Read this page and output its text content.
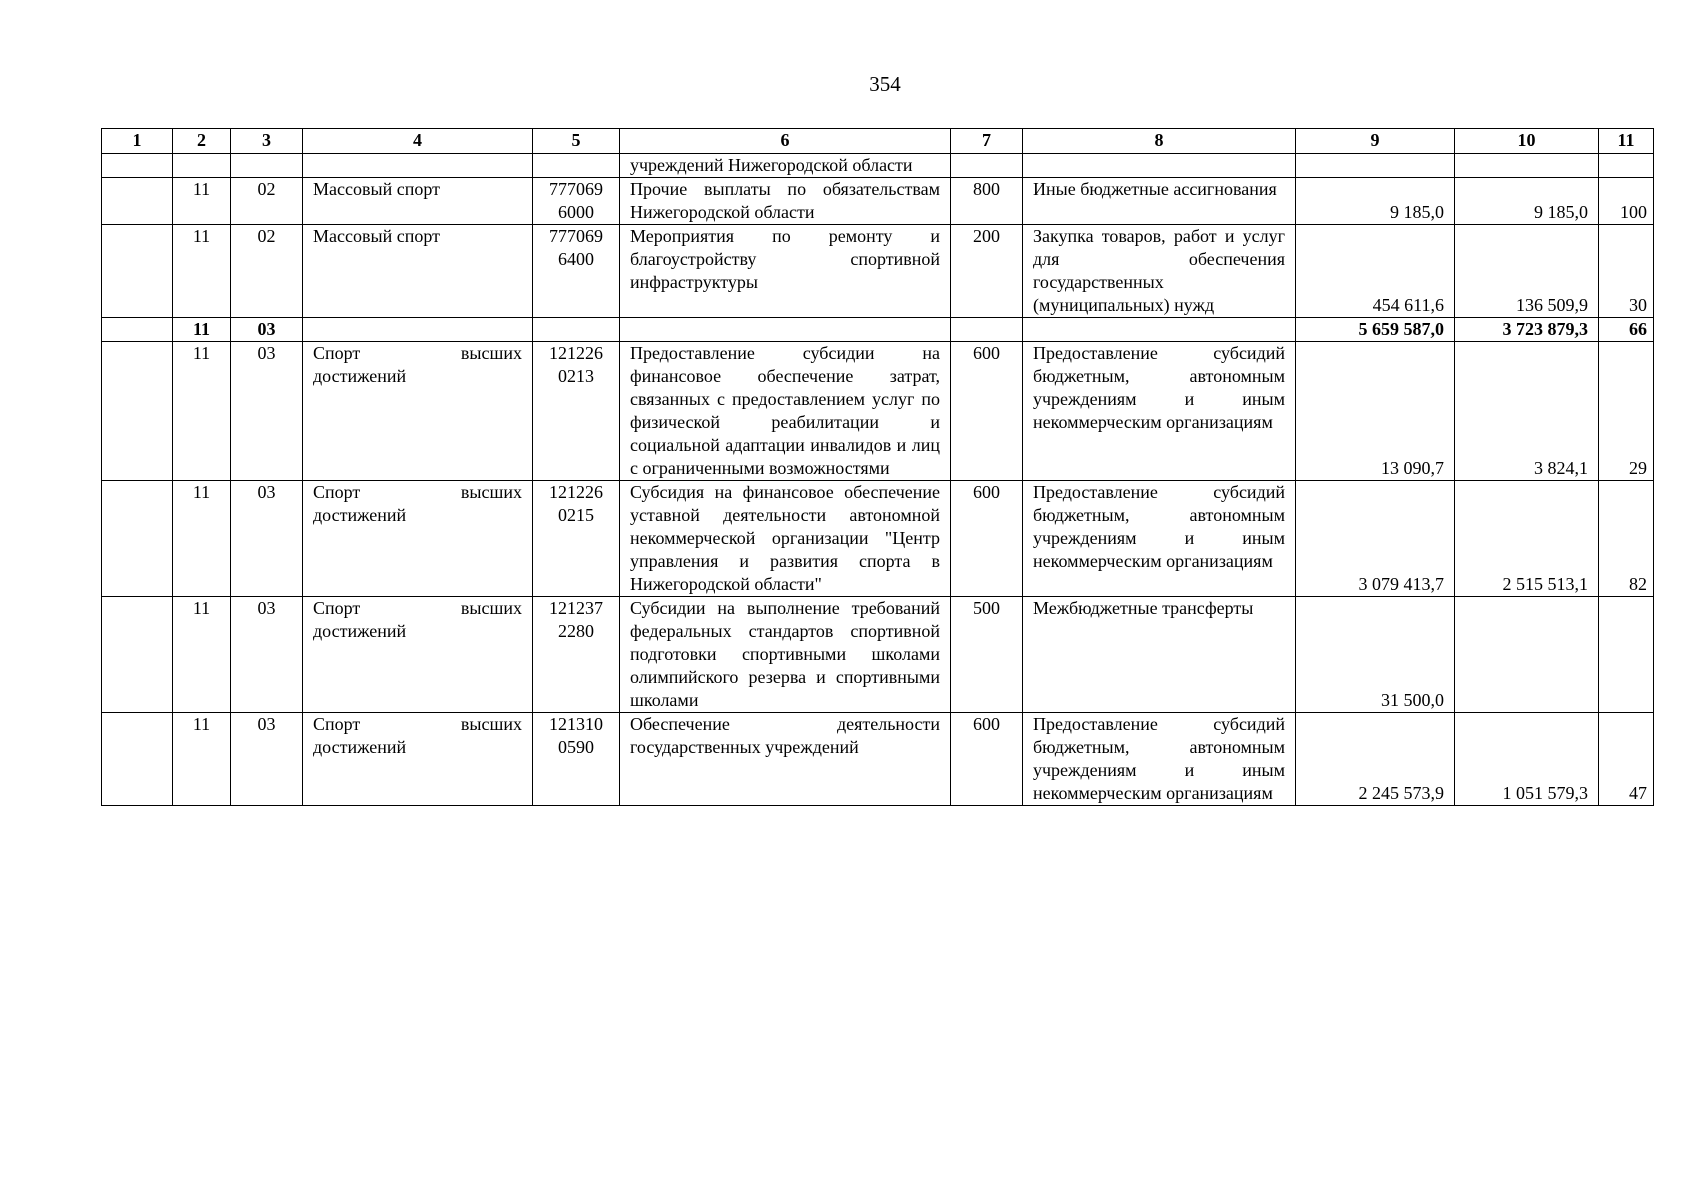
354
1	2	3	4	5	6	7	8	9	10	11
					учреждений Нижегородской области					
	11	02	Массовый спорт	777069 6000	Прочие выплаты по обязательствам Нижегородской области	800	Иные бюджетные ассигнования	9 185,0	9 185,0	100
	11	02	Массовый спорт	777069 6400	Мероприятия по ремонту и благоустройству спортивной инфраструктуры	200	Закупка товаров, работ и услуг для обеспечения государственных (муниципальных) нужд	454 611,6	136 509,9	30
	11	03						5 659 587,0	3 723 879,3	66
	11	03	Спорт высших достижений	121226 0213	Предоставление субсидии на финансовое обеспечение затрат, связанных с предоставлением услуг по физической реабилитации и социальной адаптации инвалидов и лиц с ограниченными возможностями	600	Предоставление субсидий бюджетным, автономным учреждениям и иным некоммерческим организациям	13 090,7	3 824,1	29
	11	03	Спорт высших достижений	121226 0215	Субсидия на финансовое обеспечение уставной деятельности автономной некоммерческой организации "Центр управления и развития спорта в Нижегородской области"	600	Предоставление субсидий бюджетным, автономным учреждениям и иным некоммерческим организациям	3 079 413,7	2 515 513,1	82
	11	03	Спорт высших достижений	121237 2280	Субсидии на выполнение требований федеральных стандартов спортивной подготовки спортивными школами олимпийского резерва и спортивными школами	500	Межбюджетные трансферты	31 500,0		
	11	03	Спорт высших достижений	121310 0590	Обеспечение деятельности государственных учреждений	600	Предоставление субсидий бюджетным, автономным учреждениям и иным некоммерческим организациям	2 245 573,9	1 051 579,3	47
